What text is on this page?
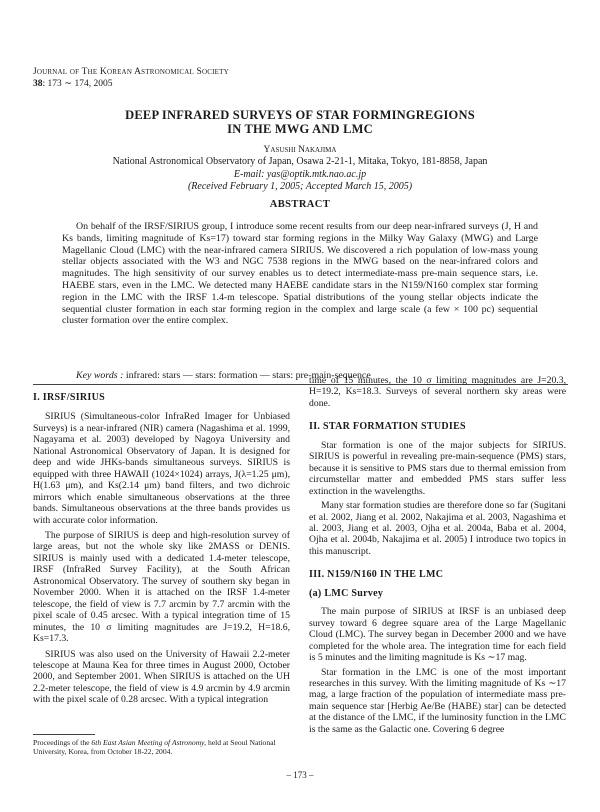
Journal of The Korean Astronomical Society
38: 173 ∼ 174, 2005
DEEP INFRARED SURVEYS OF STAR FORMINGREGIONS
IN THE MWG AND LMC
Yasushi Nakajima
National Astronomical Observatory of Japan, Osawa 2-21-1, Mitaka, Tokyo, 181-8858, Japan
E-mail: yas@optik.mtk.nao.ac.jp
(Received February 1, 2005; Accepted March 15, 2005)
ABSTRACT

On behalf of the IRSF/SIRIUS group, I introduce some recent results from our deep near-infrared surveys (J, H and Ks bands, limiting magnitude of Ks=17) toward star forming regions in the Milky Way Galaxy (MWG) and Large Magellanic Cloud (LMC) with the near-infrared camera SIRIUS. We discovered a rich population of low-mass young stellar objects associated with the W3 and NGC 7538 regions in the MWG based on the near-infrared colors and magnitudes. The high sensitivity of our survey enables us to detect intermediate-mass pre-main sequence stars, i.e. HAEBE stars, even in the LMC. We detected many HAEBE candidate stars in the N159/N160 complex star forming region in the LMC with the IRSF 1.4-m telescope. Spatial distributions of the young stellar objects indicate the sequential cluster formation in each star forming region in the complex and large scale (a few × 100 pc) sequential cluster formation over the entire complex.

Key words : infrared: stars — stars: formation — stars: pre-main-sequence
I. IRSF/SIRIUS

SIRIUS (Simultaneous-color InfraRed Imager for Unbiased Surveys) is a near-infrared (NIR) camera (Nagashima et al. 1999, Nagayama et al. 2003) developed by Nagoya University and National Astronomical Observatory of Japan. It is designed for deep and wide JHKs-bands simultaneous surveys. SIRIUS is equipped with three HAWAII (1024×1024) arrays, J(λ=1.25 μm), H(1.63 μm), and Ks(2.14 μm) band filters, and two dichroic mirrors which enable simultaneous observations at the three bands. Simultaneous observations at the three bands provides us with accurate color information.

The purpose of SIRIUS is deep and high-resolution survey of large areas, but not the whole sky like 2MASS or DENIS. SIRIUS is mainly used with a dedicated 1.4-meter telescope, IRSF (InfraRed Survey Facility), at the South African Astronomical Observatory. The survey of southern sky began in November 2000. When it is attached on the IRSF 1.4-meter telescope, the field of view is 7.7 arcmin by 7.7 arcmin with the pixel scale of 0.45 arcsec. With a typical integration time of 15 minutes, the 10 σ limiting magnitudes are J=19.2, H=18.6, Ks=17.3.

SIRIUS was also used on the University of Hawaii 2.2-meter telescope at Mauna Kea for three times in August 2000, October 2000, and September 2001. When SIRIUS is attached on the UH 2.2-meter telescope, the field of view is 4.9 arcmin by 4.9 arcmin with the pixel scale of 0.28 arcsec. With a typical integration

time of 15 minutes, the 10 σ limiting magnitudes are J=20.3, H=19.2, Ks=18.3. Surveys of several northern sky areas were done.

II. STAR FORMATION STUDIES

Star formation is one of the major subjects for SIRIUS. SIRIUS is powerful in revealing pre-main-sequence (PMS) stars, because it is sensitive to PMS stars due to thermal emission from circumstellar matter and embedded PMS stars suffer less extinction in the wavelengths.

Many star formation studies are therefore done so far (Sugitani et al. 2002, Jiang et al. 2002, Nakajima et al. 2003, Nagashima et al. 2003, Jiang et al. 2003, Ojha et al. 2004a, Baba et al. 2004, Ojha et al. 2004b, Nakajima et al. 2005) I introduce two topics in this manuscript.

III. N159/N160 IN THE LMC
(a) LMC Survey

The main purpose of SIRIUS at IRSF is an unbiased deep survey toward 6 degree square area of the Large Magellanic Cloud (LMC). The survey began in December 2000 and we have completed for the whole area. The integration time for each field is 5 minutes and the limiting magnitude is Ks ∼17 mag.

Star formation in the LMC is one of the most important researches in this survey. With the limiting magnitude of Ks ∼17 mag, a large fraction of the population of intermediate mass pre-main sequence star [Herbig Ae/Be (HABE) star] can be detected at the distance of the LMC, if the luminosity function in the LMC is the same as the Galactic one. Covering 6 degree

Proceedings of the 6th East Asian Meeting of Astronomy, held at Seoul National University, Korea, from October 18-22, 2004.
– 173 –
